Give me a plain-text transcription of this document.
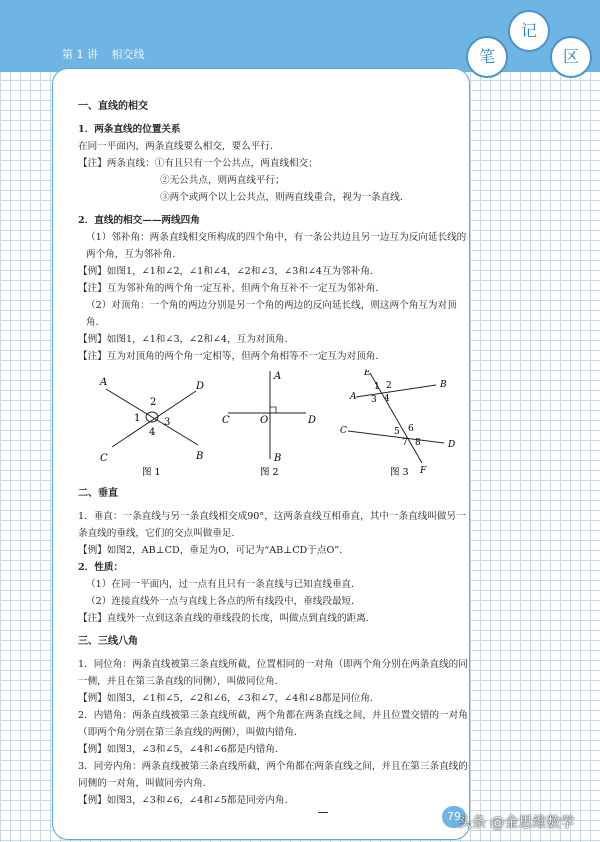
第 1 讲 相交线	笔
记
区

一、直线的相交

1．两条直线的位置关系

在同一平面内，两条直线要么相交，要么平行．

【注】两条直线：①有且只有一个公共点，两直线相交；

②无公共点，则两直线平行；

③两个或两个以上公共点，则两直线重合，视为一条直线．

2．直线的相交——两线四角

（1）邻补角：两条直线相交所构成的四个角中，有一条公共边且另一边互为反向延长线的两个角，互为邻补角．

【例】如图1，∠1和∠2，∠1和∠4，∠2和∠3，∠3和∠4互为邻补角．

【注】互为邻补角的两个角一定互补，但两个角互补不一定互为邻补角．

（2）对顶角：一个角的两边分别是另一个角的两边的反向延长线，则这两个角互为对顶角．

【例】如图1，∠1和∠3，∠2和∠4，互为对顶角．

【注】互为对顶角的两个角一定相等，但两个角相等不一定互为对顶角．

A
B
C
D
1
2
3
4
图 1
A
B
C	D
O
图 2
E
B
A
C
D
F
1 2
3 4
5 6
7 8
图 3

二、垂直

1．垂直：一条直线与另一条直线相交成90°，这两条直线互相垂直，其中一条直线叫做另一条直线的垂线，它们的交点叫做垂足．

【例】如图2，AB⊥CD，垂足为O，可记为“AB⊥CD于点O”．

2．性质：

（1）在同一平面内，过一点有且只有一条直线与已知直线垂直．

（2）连接直线外一点与直线上各点的所有线段中，垂线段最短．

【注】直线外一点到这条直线的垂线段的长度，叫做点到直线的距离．

三、三线八角

1．同位角：两条直线被第三条直线所截，位置相同的一对角（即两个角分别在两条直线的同一侧，并且在第三条直线的同侧），叫做同位角．

【例】如图3，∠1和∠5，∠2和∠6，∠3和∠7，∠4和∠8都是同位角．

2．内错角：两条直线被第三条直线所截，两个角都在两条直线之间，并且位置交错的一对角（即两个角分别在第三条直线的两侧），叫做内错角．

【例】如图3，∠3和∠5，∠4和∠6都是内错角．

3．同旁内角：两条直线被第三条直线所截，两个角都在两条直线之间，并且在第三条直线的同侧的一对角，叫做同旁内角．

【例】如图3，∠3和∠6，∠4和∠5都是同旁内角．

79
头条 @金思维数学
